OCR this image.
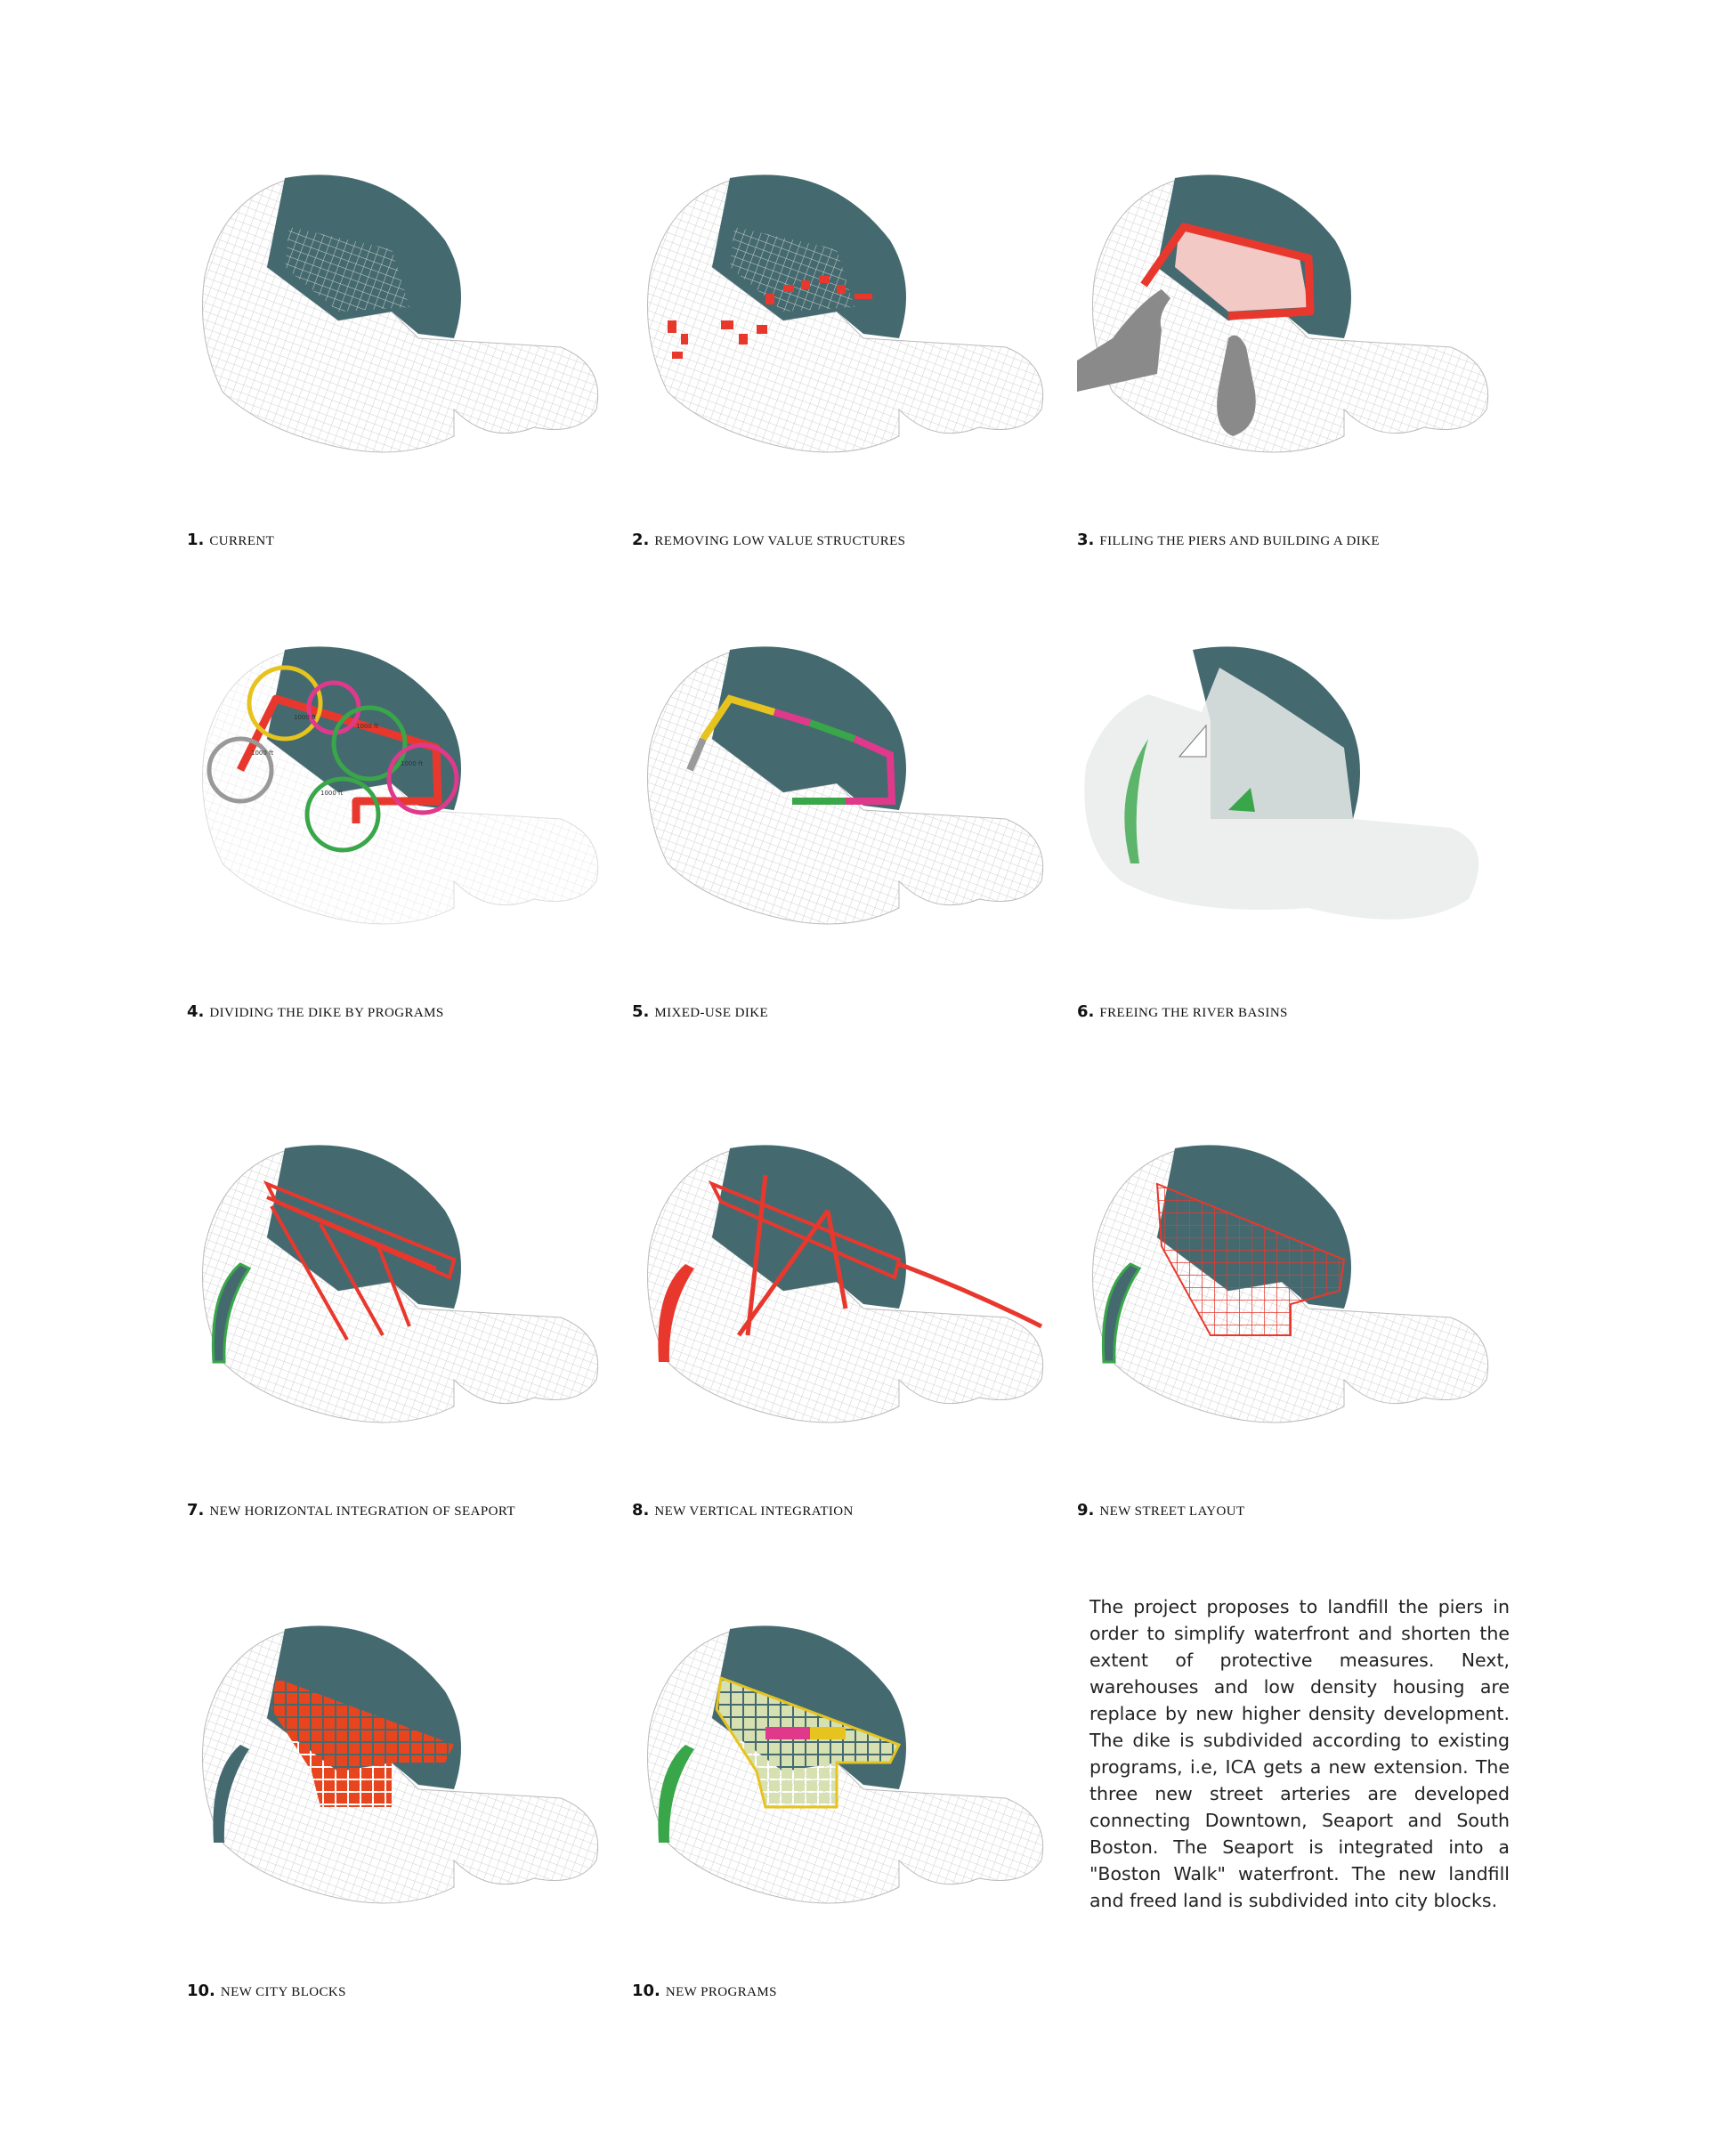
1. CURRENT	2. REMOVING LOW VALUE STRUCTURES	3. FILLING THE PIERS AND BUILDING A DIKE
1000 ft
1000 ft
1000 ft
1000 ft
1000 ft
4. DIVIDING THE DIKE BY PROGRAMS	5. MIXED-USE DIKE	6. FREEING THE RIVER BASINS
7. NEW HORIZONTAL INTEGRATION OF SEAPORT	8. NEW VERTICAL INTEGRATION	9. NEW STREET LAYOUT
10. NEW CITY BLOCKS	10. NEW PROGRAMS
The project proposes to landfill the piers in order to simplify waterfront and shorten the extent of protective measures. Next, warehouses and low density housing are replace by new higher density development. The dike is subdivided according to existing programs, i.e, ICA gets a new extension. The three new street arteries are developed connecting Downtown, Seaport and South Boston. The Seaport is integrated into a "Boston Walk" waterfront. The new landfill and freed land is subdivided into city blocks.
